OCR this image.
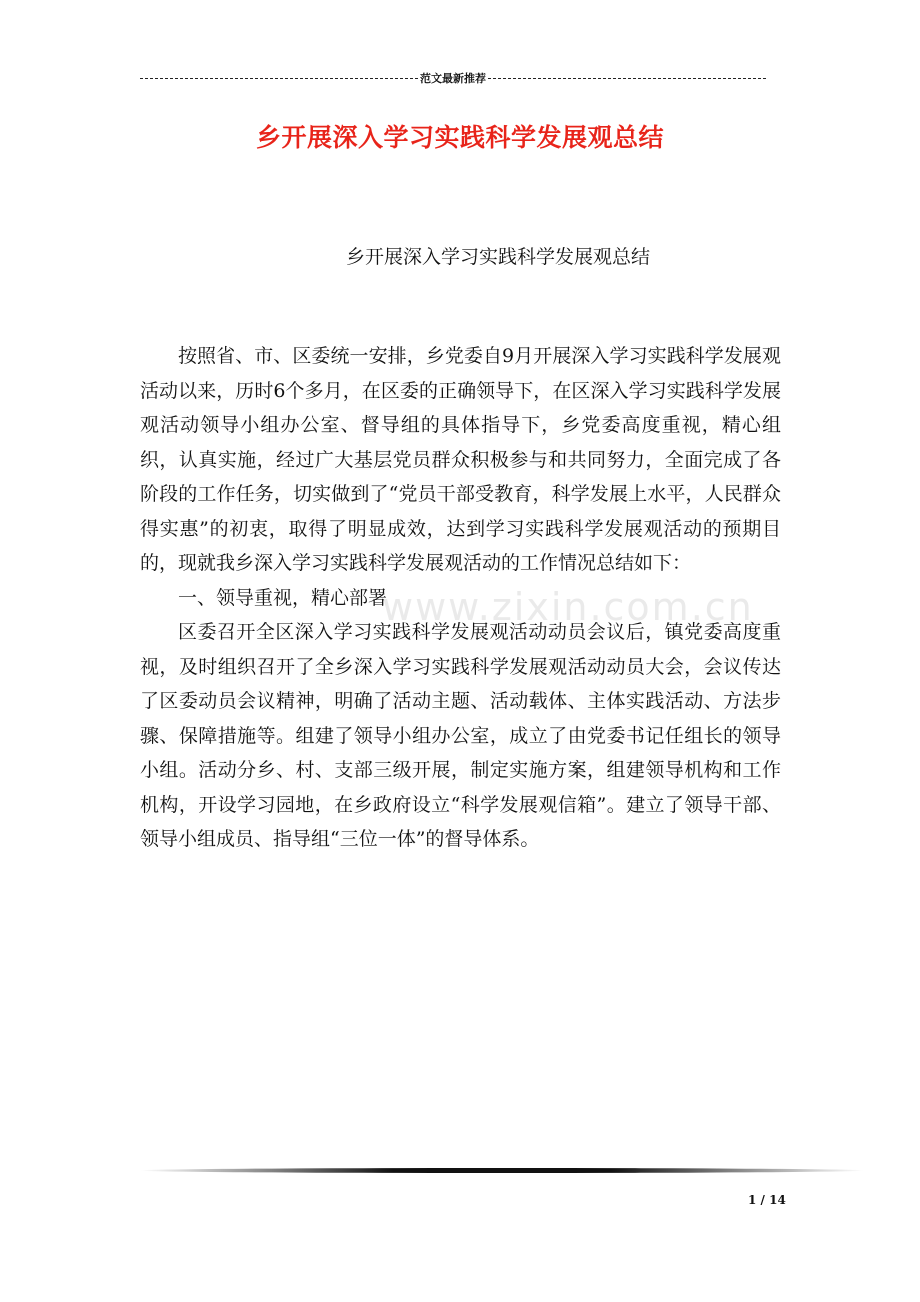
范文最新推荐
乡开展深入学习实践科学发展观总结
乡开展深入学习实践科学发展观总结
www.zixin.com.cn

按照省、市、区委统一安排，乡党委自9月开展深入学习实践科学发展观活动以来，历时6个多月，在区委的正确领导下，在区深入学习实践科学发展观活动领导小组办公室、督导组的具体指导下，乡党委高度重视，精心组织，认真实施，经过广大基层党员群众积极参与和共同努力，全面完成了各阶段的工作任务，切实做到了“党员干部受教育，科学发展上水平，人民群众得实惠”的初衷，取得了明显成效，达到学习实践科学发展观活动的预期目的，现就我乡深入学习实践科学发展观活动的工作情况总结如下：

一、领导重视，精心部署

区委召开全区深入学习实践科学发展观活动动员会议后，镇党委高度重视，及时组织召开了全乡深入学习实践科学发展观活动动员大会，会议传达了区委动员会议精神，明确了活动主题、活动载体、主体实践活动、方法步骤、保障措施等。组建了领导小组办公室，成立了由党委书记任组长的领导小组。活动分乡、村、支部三级开展，制定实施方案，组建领导机构和工作机构，开设学习园地，在乡政府设立“科学发展观信箱”。建立了领导干部、领导小组成员、指导组“三位一体”的督导体系。

1 / 14
